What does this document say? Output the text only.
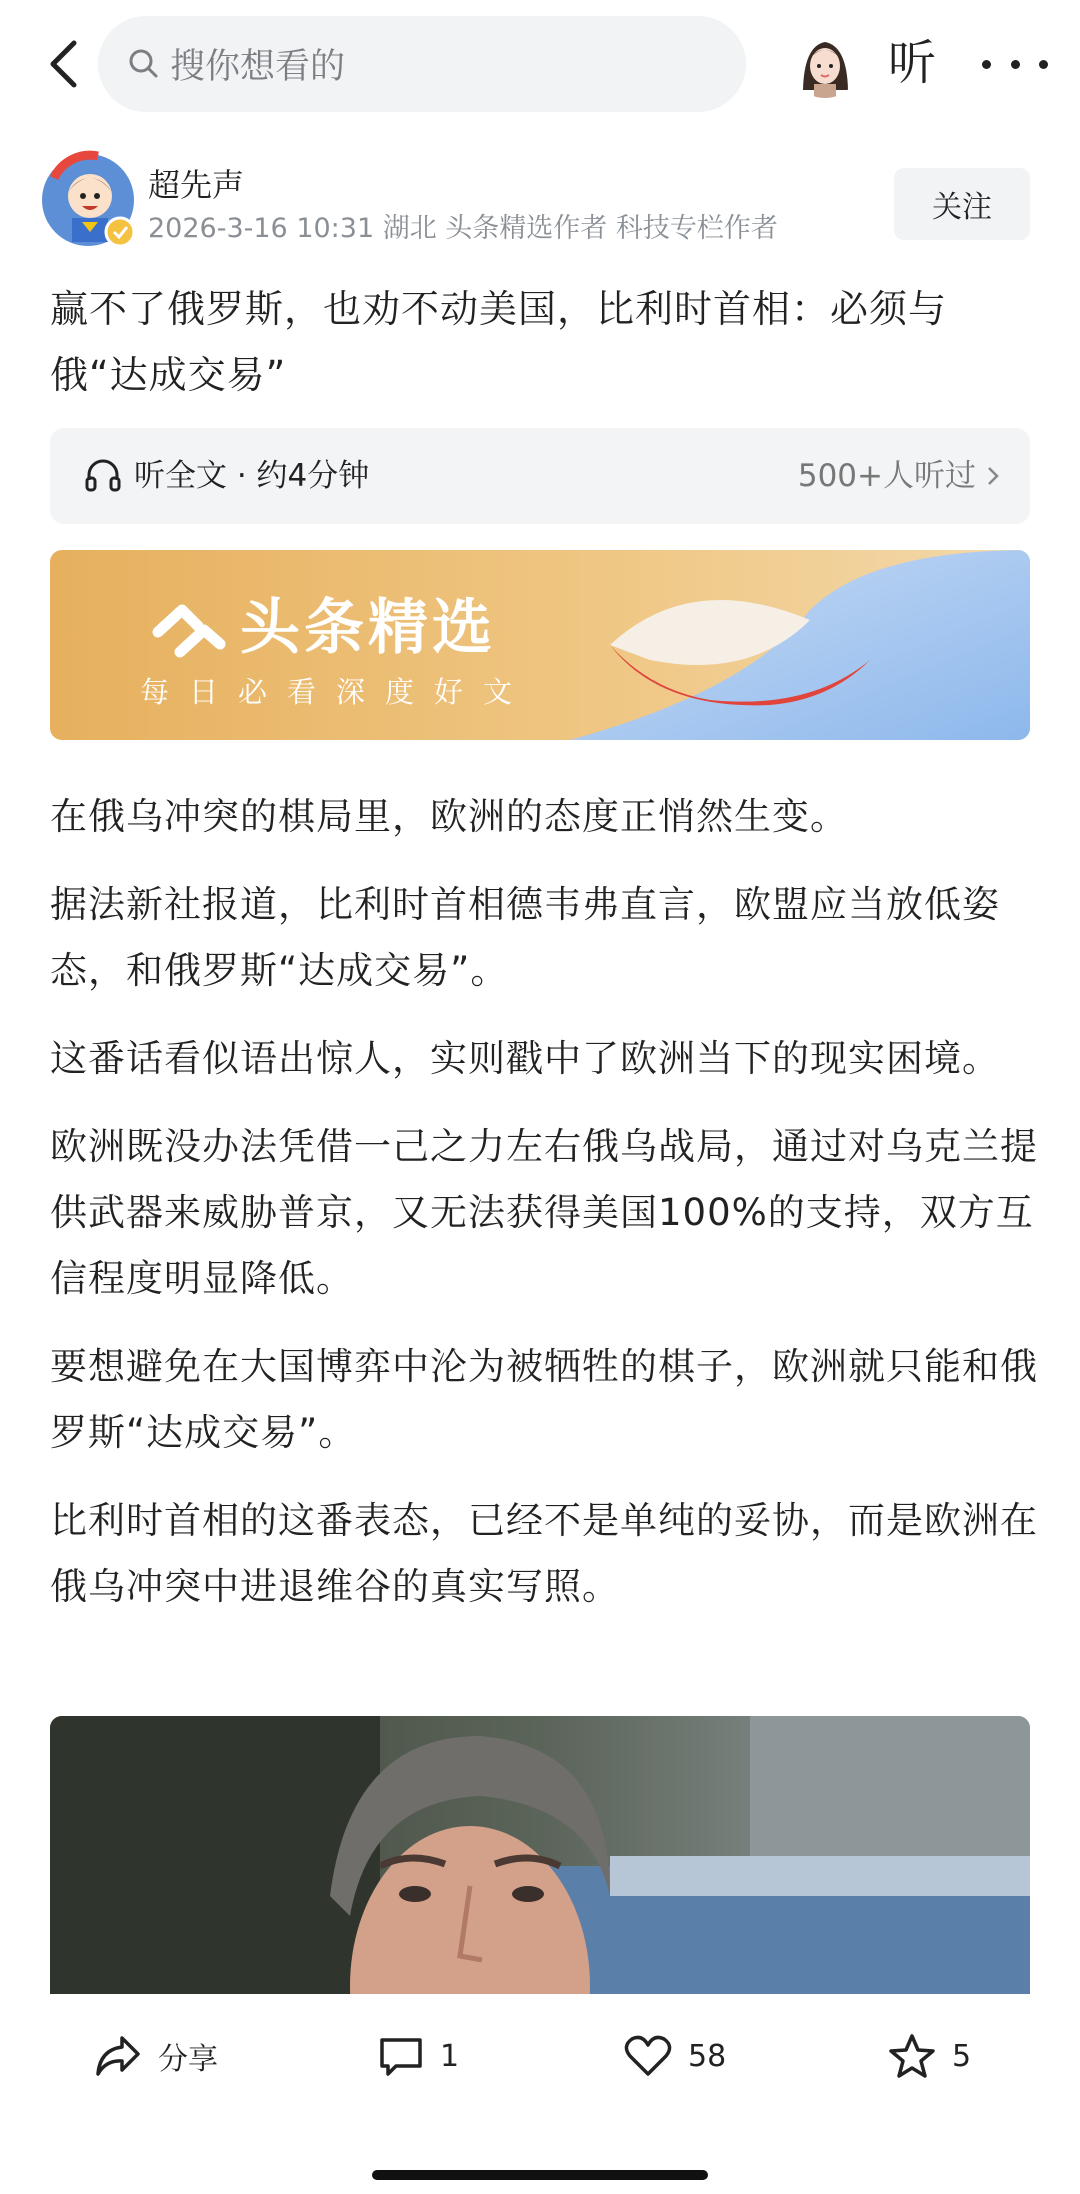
搜你想看的	听
超先声
2026-3-16 10:31 湖北 头条精选作者 科技专栏作者
关注
赢不了俄罗斯，也劝不动美国，比利时首相：必须与俄“达成交易”
听全文 · 约4分钟	500+人听过
头条精选
每日必看深度好文

在俄乌冲突的棋局里，欧洲的态度正悄然生变。

据法新社报道，比利时首相德韦弗直言，欧盟应当放低姿态，和俄罗斯“达成交易”。

这番话看似语出惊人，实则戳中了欧洲当下的现实困境。

欧洲既没办法凭借一己之力左右俄乌战局，通过对乌克兰提供武器来威胁普京，又无法获得美国100%的支持，双方互信程度明显降低。

要想避免在大国博弈中沦为被牺牲的棋子，欧洲就只能和俄罗斯“达成交易”。

比利时首相的这番表态，已经不是单纯的妥协，而是欧洲在俄乌冲突中进退维谷的真实写照。

分享	1	58	5
